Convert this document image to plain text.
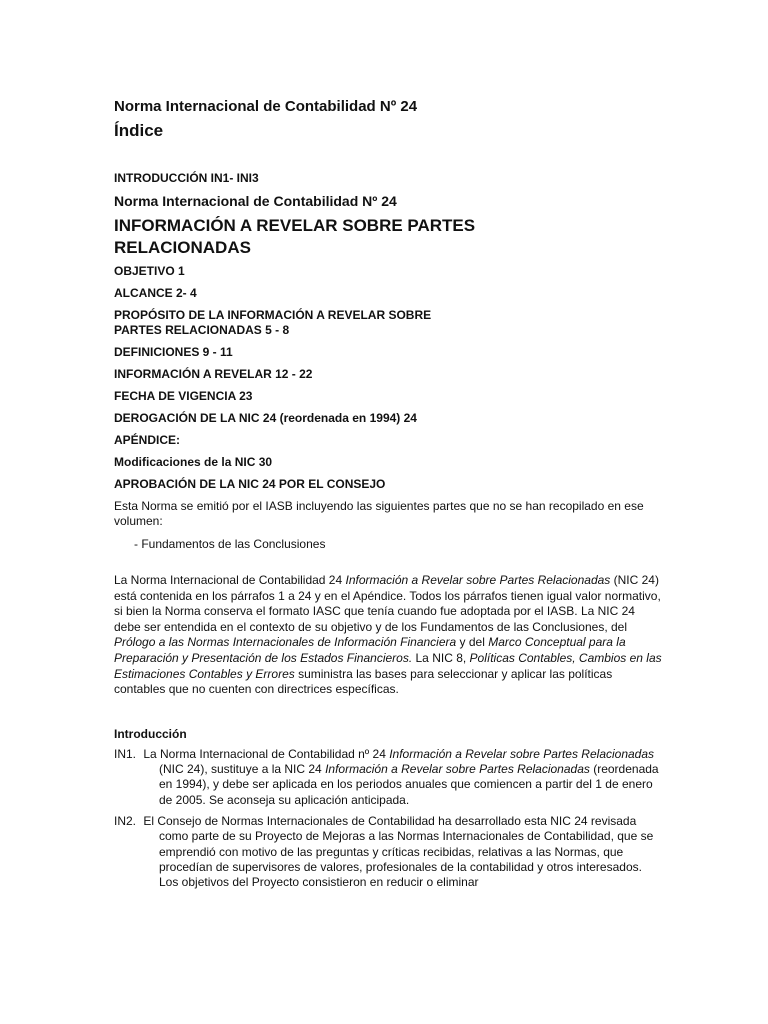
Norma Internacional de Contabilidad Nº 24
Índice
INTRODUCCIÓN IN1- INI3
Norma Internacional de Contabilidad Nº 24
INFORMACIÓN A REVELAR SOBRE PARTES
RELACIONADAS
OBJETIVO 1
ALCANCE 2- 4
PROPÓSITO DE LA INFORMACIÓN A REVELAR SOBRE
PARTES RELACIONADAS 5 - 8
DEFINICIONES 9 - 11
INFORMACIÓN A REVELAR 12 - 22
FECHA DE VIGENCIA 23
DEROGACIÓN DE LA NIC 24 (reordenada en 1994) 24
APÉNDICE:
Modificaciones de la NIC 30
APROBACIÓN DE LA NIC 24 POR EL CONSEJO
Esta Norma se emitió por el IASB incluyendo las siguientes partes que no se han recopilado en ese volumen:
- Fundamentos de las Conclusiones
La Norma Internacional de Contabilidad 24 Información a Revelar sobre Partes Relacionadas (NIC 24) está contenida en los párrafos 1 a 24 y en el Apéndice. Todos los párrafos tienen igual valor normativo, si bien la Norma conserva el formato IASC que tenía cuando fue adoptada por el IASB. La NIC 24 debe ser entendida en el contexto de su objetivo y de los Fundamentos de las Conclusiones, del Prólogo a las Normas Internacionales de Información Financiera y del Marco Conceptual para la Preparación y Presentación de los Estados Financieros. La NIC 8, Políticas Contables, Cambios en las Estimaciones Contables y Errores suministra las bases para seleccionar y aplicar las políticas contables que no cuenten con directrices específicas.
Introducción
IN1. La Norma Internacional de Contabilidad nº 24 Información a Revelar sobre Partes Relacionadas (NIC 24), sustituye a la NIC 24 Información a Revelar sobre Partes Relacionadas (reordenada en 1994), y debe ser aplicada en los periodos anuales que comiencen a partir del 1 de enero de 2005. Se aconseja su aplicación anticipada.
IN2. El Consejo de Normas Internacionales de Contabilidad ha desarrollado esta NIC 24 revisada como parte de su Proyecto de Mejoras a las Normas Internacionales de Contabilidad, que se emprendió con motivo de las preguntas y críticas recibidas, relativas a las Normas, que procedían de supervisores de valores, profesionales de la contabilidad y otros interesados. Los objetivos del Proyecto consistieron en reducir o eliminar
